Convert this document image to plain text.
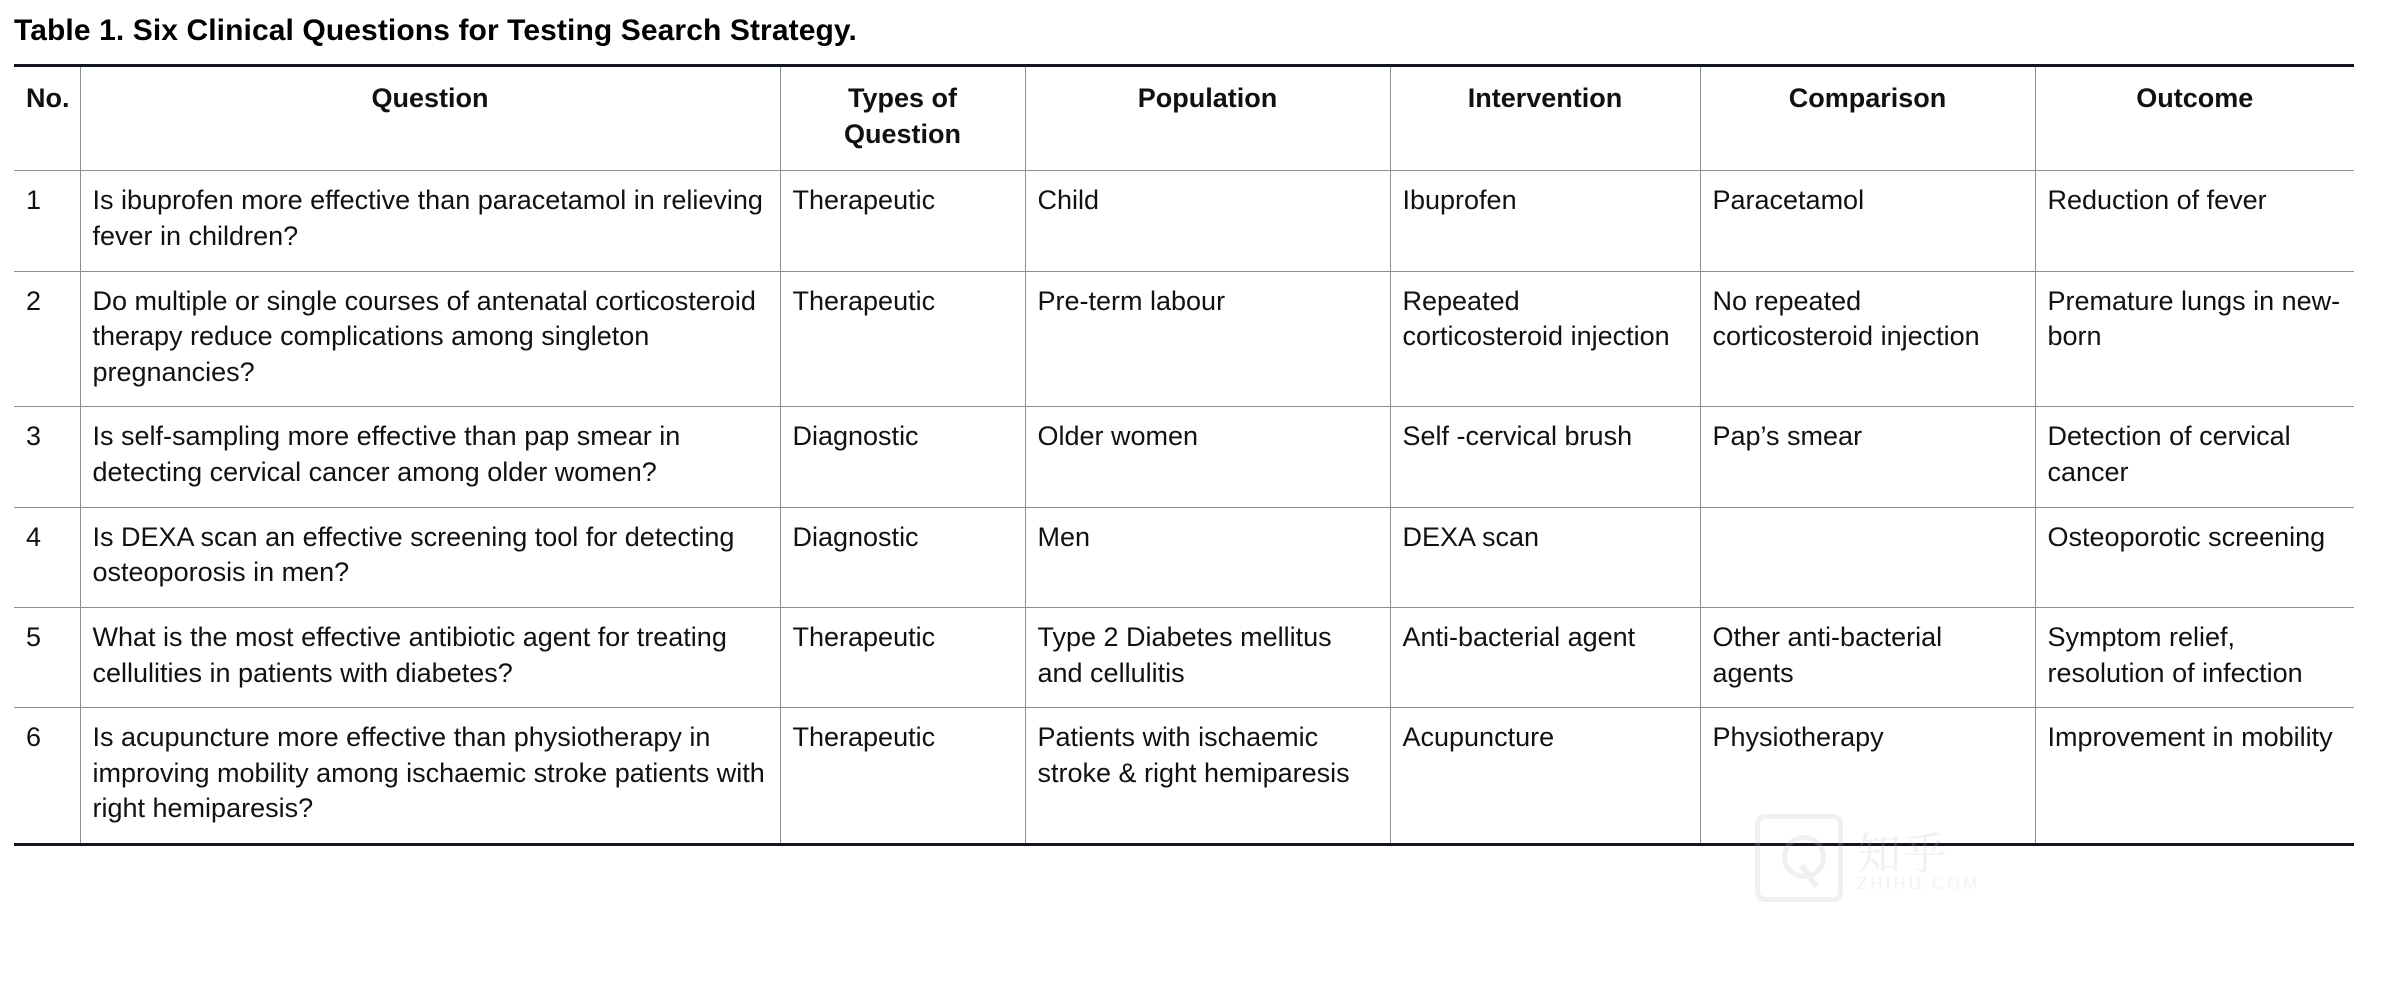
Table 1. Six Clinical Questions for Testing Search Strategy.
No.	Question	Types of Question	Population	Intervention	Comparison	Outcome
1	Is ibuprofen more effective than paracetamol in relieving fever in children?	Therapeutic	Child	Ibuprofen	Paracetamol	Reduction of fever
2	Do multiple or single courses of antenatal corticosteroid therapy reduce complications among singleton pregnancies?	Therapeutic	Pre-term labour	Repeated corticosteroid injection	No repeated corticosteroid injection	Premature lungs in new-born
3	Is self-sampling more effective than pap smear in detecting cervical cancer among older women?	Diagnostic	Older women	Self -cervical brush	Pap’s smear	Detection of cervical cancer
4	Is DEXA scan an effective screening tool for detecting osteoporosis in men?	Diagnostic	Men	DEXA scan		Osteoporotic screening
5	What is the most effective antibiotic agent for treating cellulities in patients with diabetes?	Therapeutic	Type 2 Diabetes mellitus and cellulitis	Anti-bacterial agent	Other anti-bacterial agents	Symptom relief, resolution of infection
6	Is acupuncture more effective than physiotherapy in improving mobility among ischaemic stroke patients with right hemiparesis?	Therapeutic	Patients with ischaemic stroke & right hemiparesis	Acupuncture	Physiotherapy	Improvement in mobility
知乎
ZHIHU.COM
